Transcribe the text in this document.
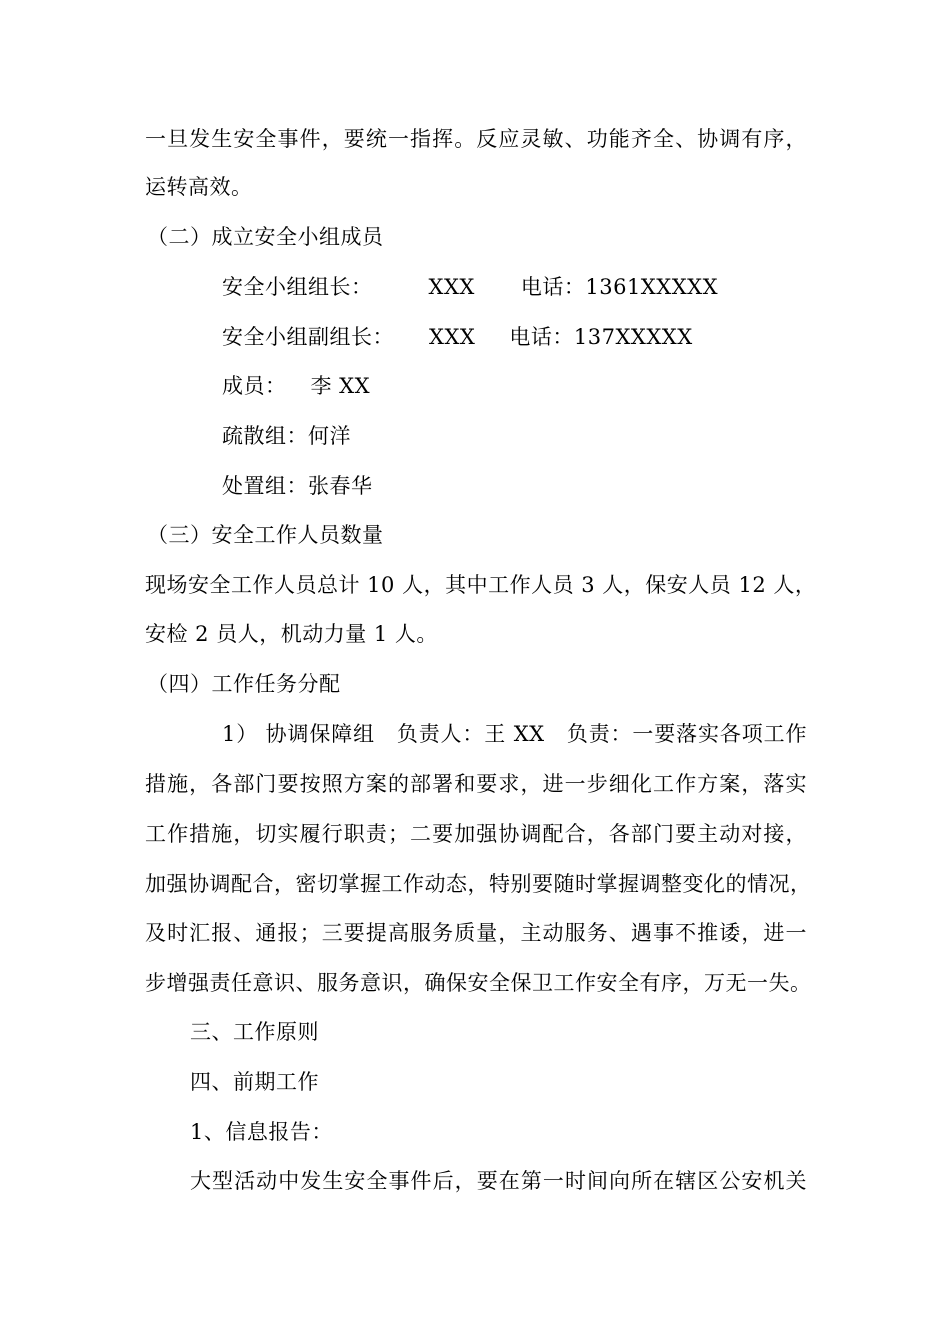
一旦发生安全事件，要统一指挥。反应灵敏、功能齐全、协调有序，
运转高效。
（二）成立安全小组成员
安全小组组长：	XXX 电话：1361XXXXX
安全小组副组长： XXX 电话：137XXXXX
成员： 李 XX
疏散组：何洋
处置组：张春华
（三）安全工作人员数量
现场安全工作人员总计 10 人，其中工作人员 3 人，保安人员 12 人，
安检 2 员人，机动力量 1 人。
（四）工作任务分配
1） 协调保障组　负责人：王 XX　负责：一要落实各项工作
措施，各部门要按照方案的部署和要求，进一步细化工作方案，落实
工作措施，切实履行职责；二要加强协调配合，各部门要主动对接，
加强协调配合，密切掌握工作动态，特别要随时掌握调整变化的情况，
及时汇报、通报；三要提高服务质量，主动服务、遇事不推诿，进一
步增强责任意识、服务意识，确保安全保卫工作安全有序，万无一失。
三、工作原则
四、前期工作
1、信息报告：
大型活动中发生安全事件后，要在第一时间向所在辖区公安机关
